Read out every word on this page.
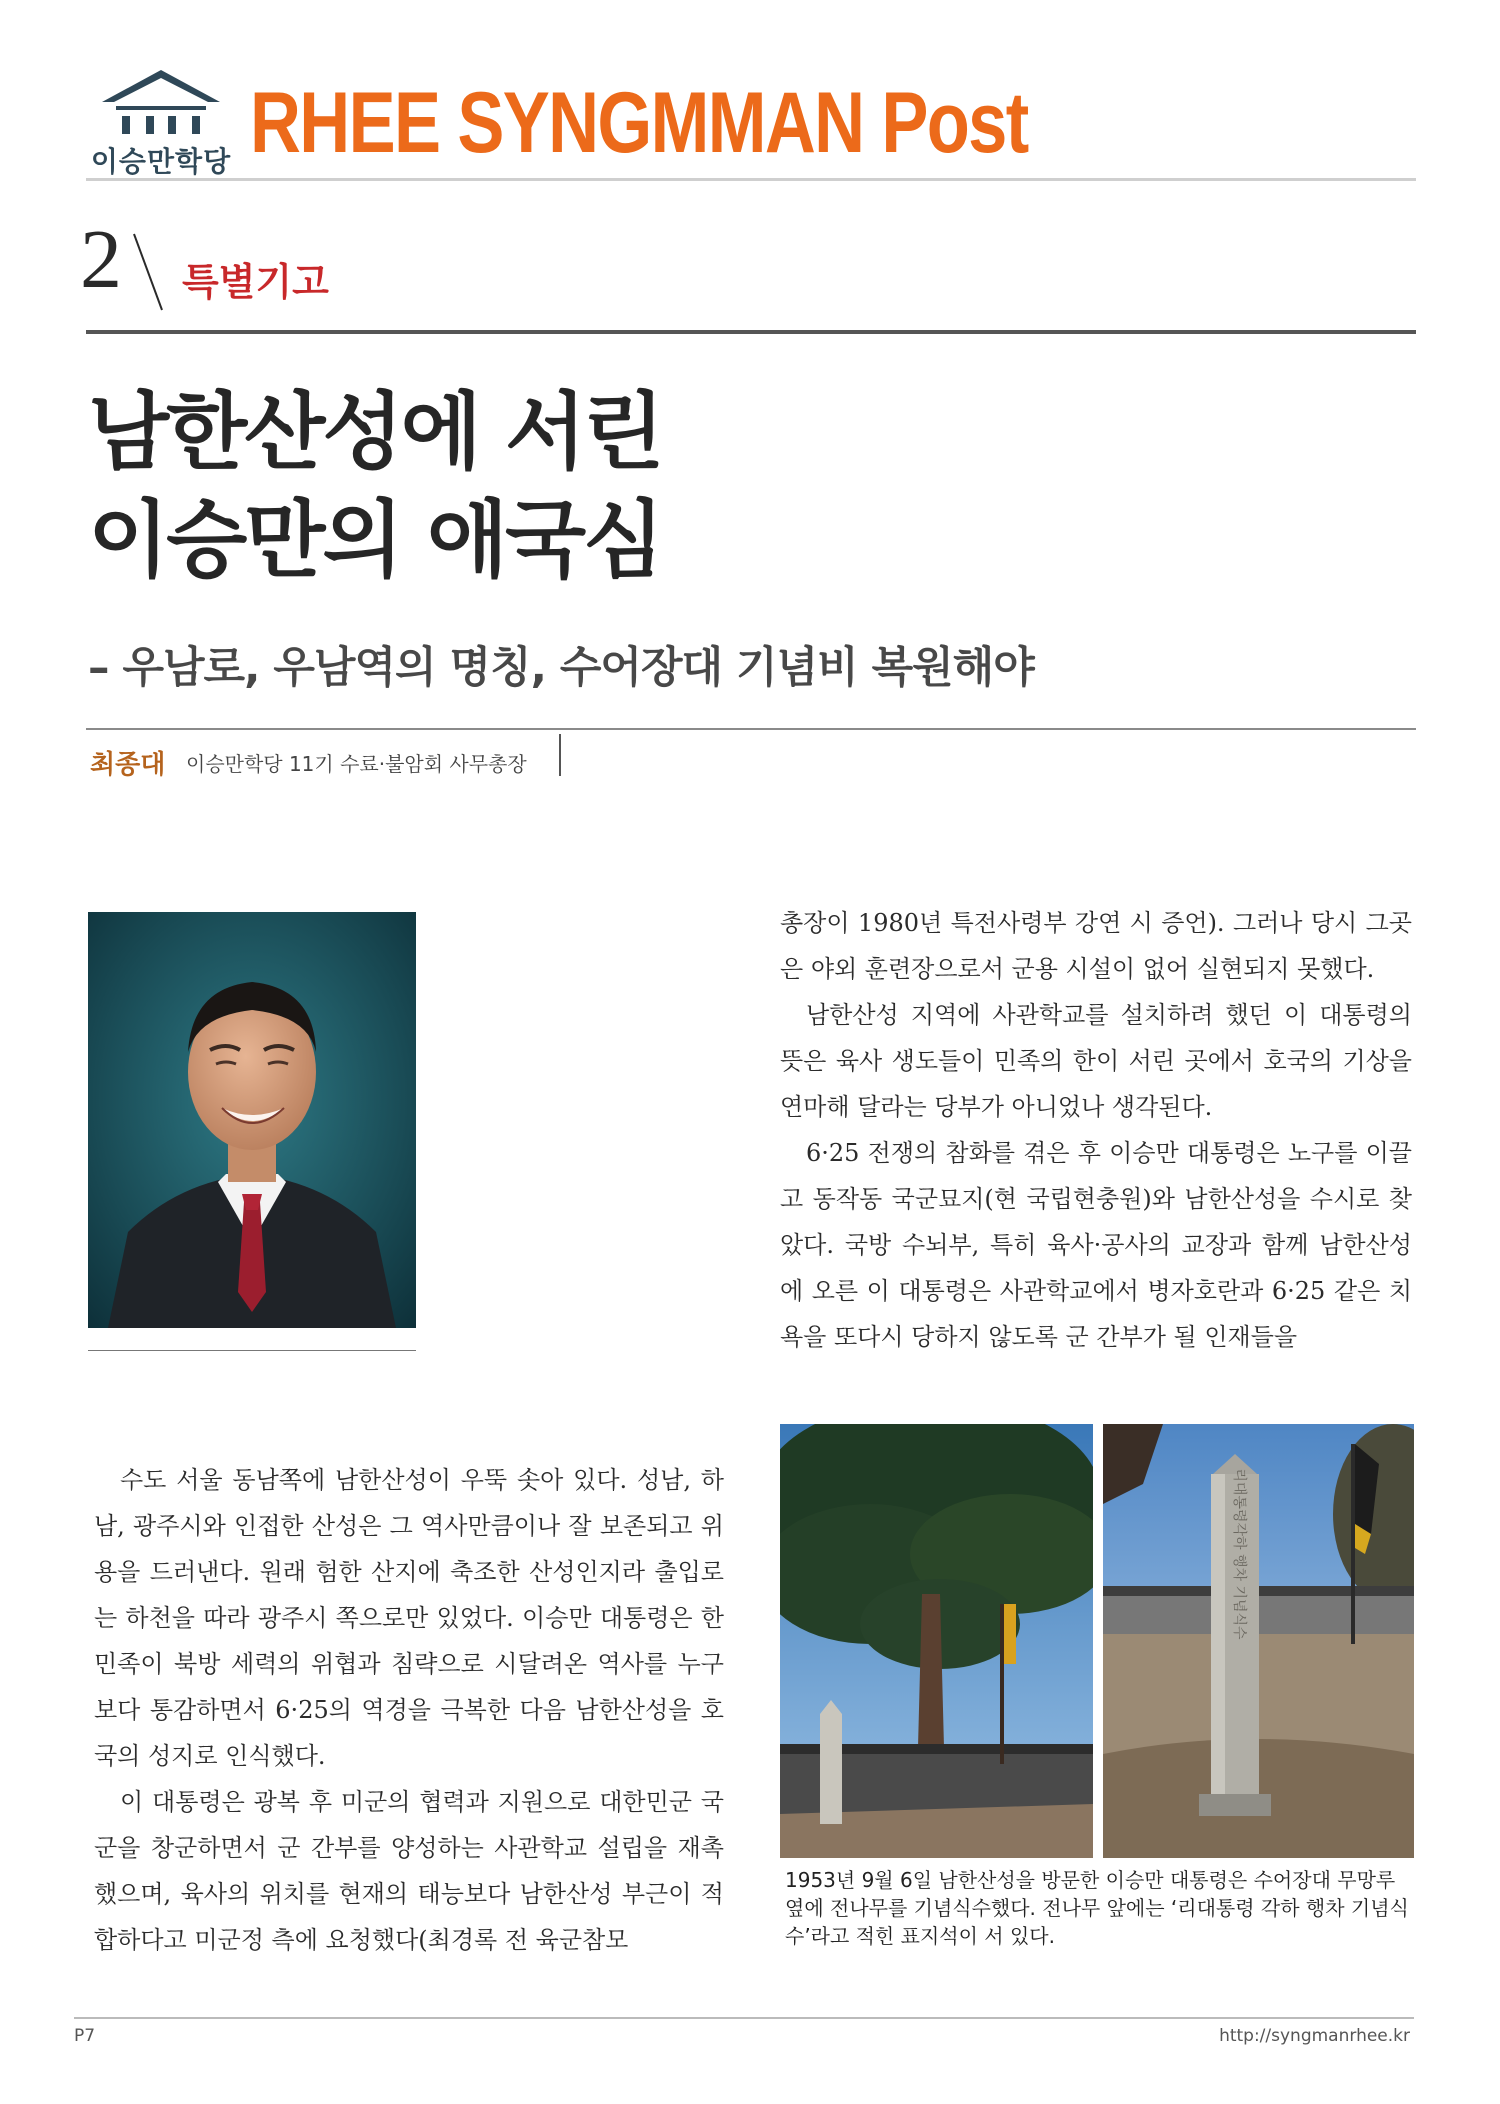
이승만학당 RHEE SYNGMMAN Post
2 특별기고
남한산성에 서린
이승만의 애국심
– 우남로, 우남역의 명칭, 수어장대 기념비 복원해야
최종대 이승만학당 11기 수료·불암회 사무총장

총장이 1980년 특전사령부 강연 시 증언). 그러나 당시 그곳은 야외 훈련장으로서 군용 시설이 없어 실현되지 못했다.

남한산성 지역에 사관학교를 설치하려 했던 이 대통령의 뜻은 육사 생도들이 민족의 한이 서린 곳에서 호국의 기상을 연마해 달라는 당부가 아니었나 생각된다.

6·25 전쟁의 참화를 겪은 후 이승만 대통령은 노구를 이끌고 동작동 국군묘지(현 국립현충원)와 남한산성을 수시로 찾았다. 국방 수뇌부, 특히 육사·공사의 교장과 함께 남한산성에 오른 이 대통령은 사관학교에서 병자호란과 6·25 같은 치욕을 또다시 당하지 않도록 군 간부가 될 인재들을

수도 서울 동남쪽에 남한산성이 우뚝 솟아 있다. 성남, 하남, 광주시와 인접한 산성은 그 역사만큼이나 잘 보존되고 위용을 드러낸다. 원래 험한 산지에 축조한 산성인지라 출입로는 하천을 따라 광주시 쪽으로만 있었다. 이승만 대통령은 한민족이 북방 세력의 위협과 침략으로 시달려온 역사를 누구보다 통감하면서 6·25의 역경을 극복한 다음 남한산성을 호국의 성지로 인식했다.

이 대통령은 광복 후 미군의 협력과 지원으로 대한민군 국군을 창군하면서 군 간부를 양성하는 사관학교 설립을 재촉했으며, 육사의 위치를 현재의 태능보다 남한산성 부근이 적합하다고 미군정 측에 요청했다(최경록 전 육군참모

리대통령각하 행차 기념식수

1953년 9월 6일 남한산성을 방문한 이승만 대통령은 수어장대 무망루 옆에 전나무를 기념식수했다. 전나무 앞에는 ‘리대통령 각하 행차 기념식수’라고 적힌 표지석이 서 있다.

P7	http://syngmanrhee.kr
